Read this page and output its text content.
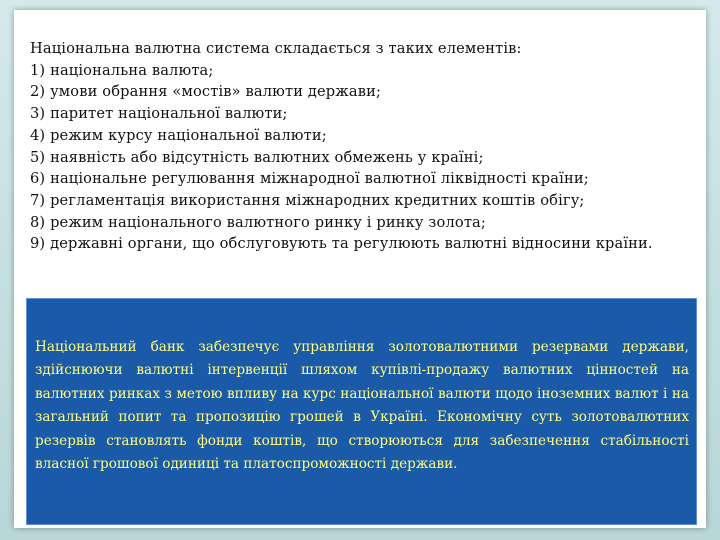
Національна валютна система складається з таких елементів:
1) національна валюта;
2) умови обрання «мостів» валюти держави;
3) паритет національної валюти;
4) режим курсу національної валюти;
5) наявність або відсутність валютних обмежень у країні;
6) національне регулювання міжнародної валютної ліквідності країни;
7) регламентація використання міжнародних кредитних коштів обігу;
8) режим національного валютного ринку і ринку золота;
9) державні органи, що обслуговують та регулюють валютні відносини країни.
Національний банк забезпечує управління золотовалютними резервами держави, здійснюючи валютні інтервенції шляхом купівлі-продажу валютних цінностей на валютних ринках з метою впливу на курс національної валюти щодо іноземних валют і на загальний попит та пропозицію грошей в Україні. Економічну суть золотовалютних резервів становлять фонди коштів, що створюються для забезпечення стабільності власної грошової одиниці та платоспроможності держави.
